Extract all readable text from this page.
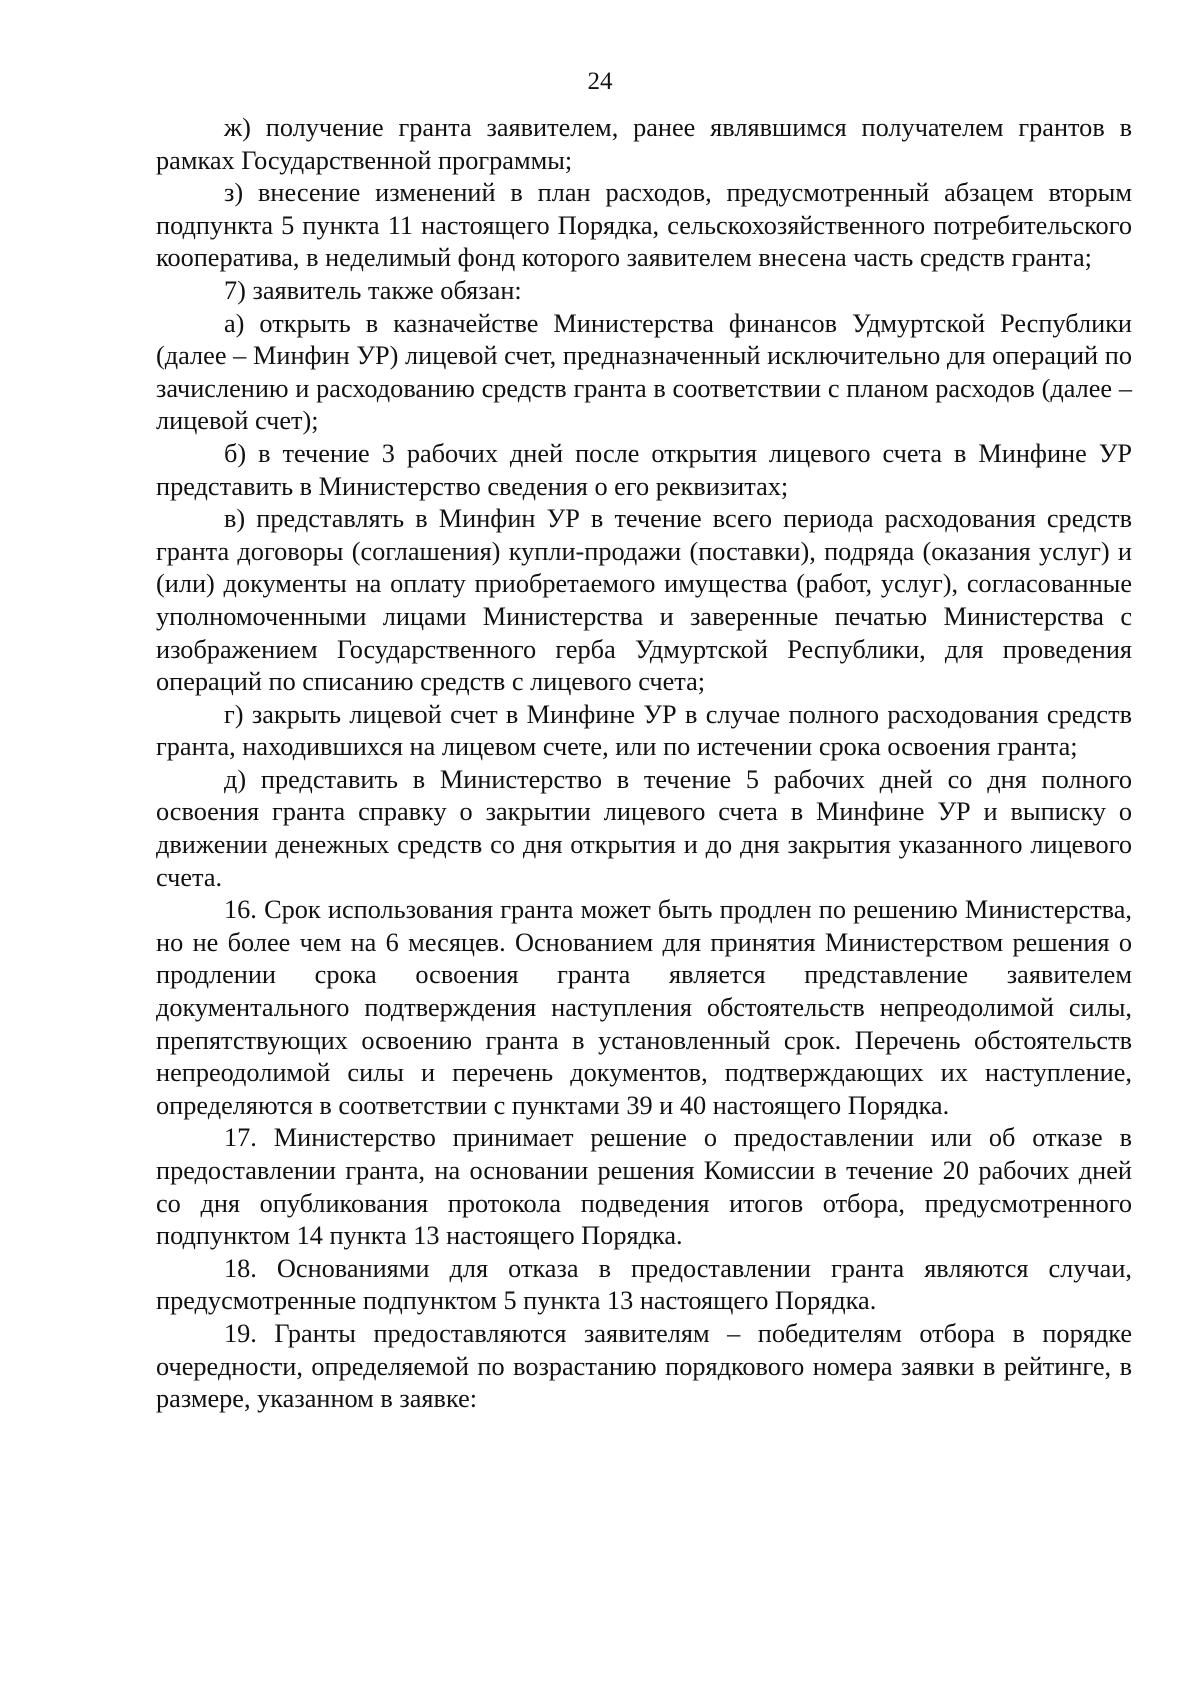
24

ж) получение гранта заявителем, ранее являвшимся получателем грантов в рамках Государственной программы;

з) внесение изменений в план расходов, предусмотренный абзацем вторым подпункта 5 пункта 11 настоящего Порядка, сельскохозяйственного потребительского кооператива, в неделимый фонд которого заявителем внесена часть средств гранта;

7) заявитель также обязан:

а) открыть в казначействе Министерства финансов Удмуртской Республики (далее – Минфин УР) лицевой счет, предназначенный исключительно для операций по зачислению и расходованию средств гранта в соответствии с планом расходов (далее – лицевой счет);

б) в течение 3 рабочих дней после открытия лицевого счета в Минфине УР представить в Министерство сведения о его реквизитах;

в) представлять в Минфин УР в течение всего периода расходования средств гранта договоры (соглашения) купли-продажи (поставки), подряда (оказания услуг) и (или) документы на оплату приобретаемого имущества (работ, услуг), согласованные уполномоченными лицами Министерства и заверенные печатью Министерства с изображением Государственного герба Удмуртской Республики, для проведения операций по списанию средств с лицевого счета;

г) закрыть лицевой счет в Минфине УР в случае полного расходования средств гранта, находившихся на лицевом счете, или по истечении срока освоения гранта;

д) представить в Министерство в течение 5 рабочих дней со дня полного освоения гранта справку о закрытии лицевого счета в Минфине УР и выписку о движении денежных средств со дня открытия и до дня закрытия указанного лицевого счета.

16. Срок использования гранта может быть продлен по решению Министерства, но не более чем на 6 месяцев. Основанием для принятия Министерством решения о продлении срока освоения гранта является представление заявителем документального подтверждения наступления обстоятельств непреодолимой силы, препятствующих освоению гранта в установленный срок. Перечень обстоятельств непреодолимой силы и перечень документов, подтверждающих их наступление, определяются в соответствии с пунктами 39 и 40 настоящего Порядка.

17. Министерство принимает решение о предоставлении или об отказе в предоставлении гранта, на основании решения Комиссии в течение 20 рабочих дней со дня опубликования протокола подведения итогов отбора, предусмотренного подпунктом 14 пункта 13 настоящего Порядка.

18. Основаниями для отказа в предоставлении гранта являются случаи, предусмотренные подпунктом 5 пункта 13 настоящего Порядка.

19. Гранты предоставляются заявителям – победителям отбора в порядке очередности, определяемой по возрастанию порядкового номера заявки в рейтинге, в размере, указанном в заявке:
